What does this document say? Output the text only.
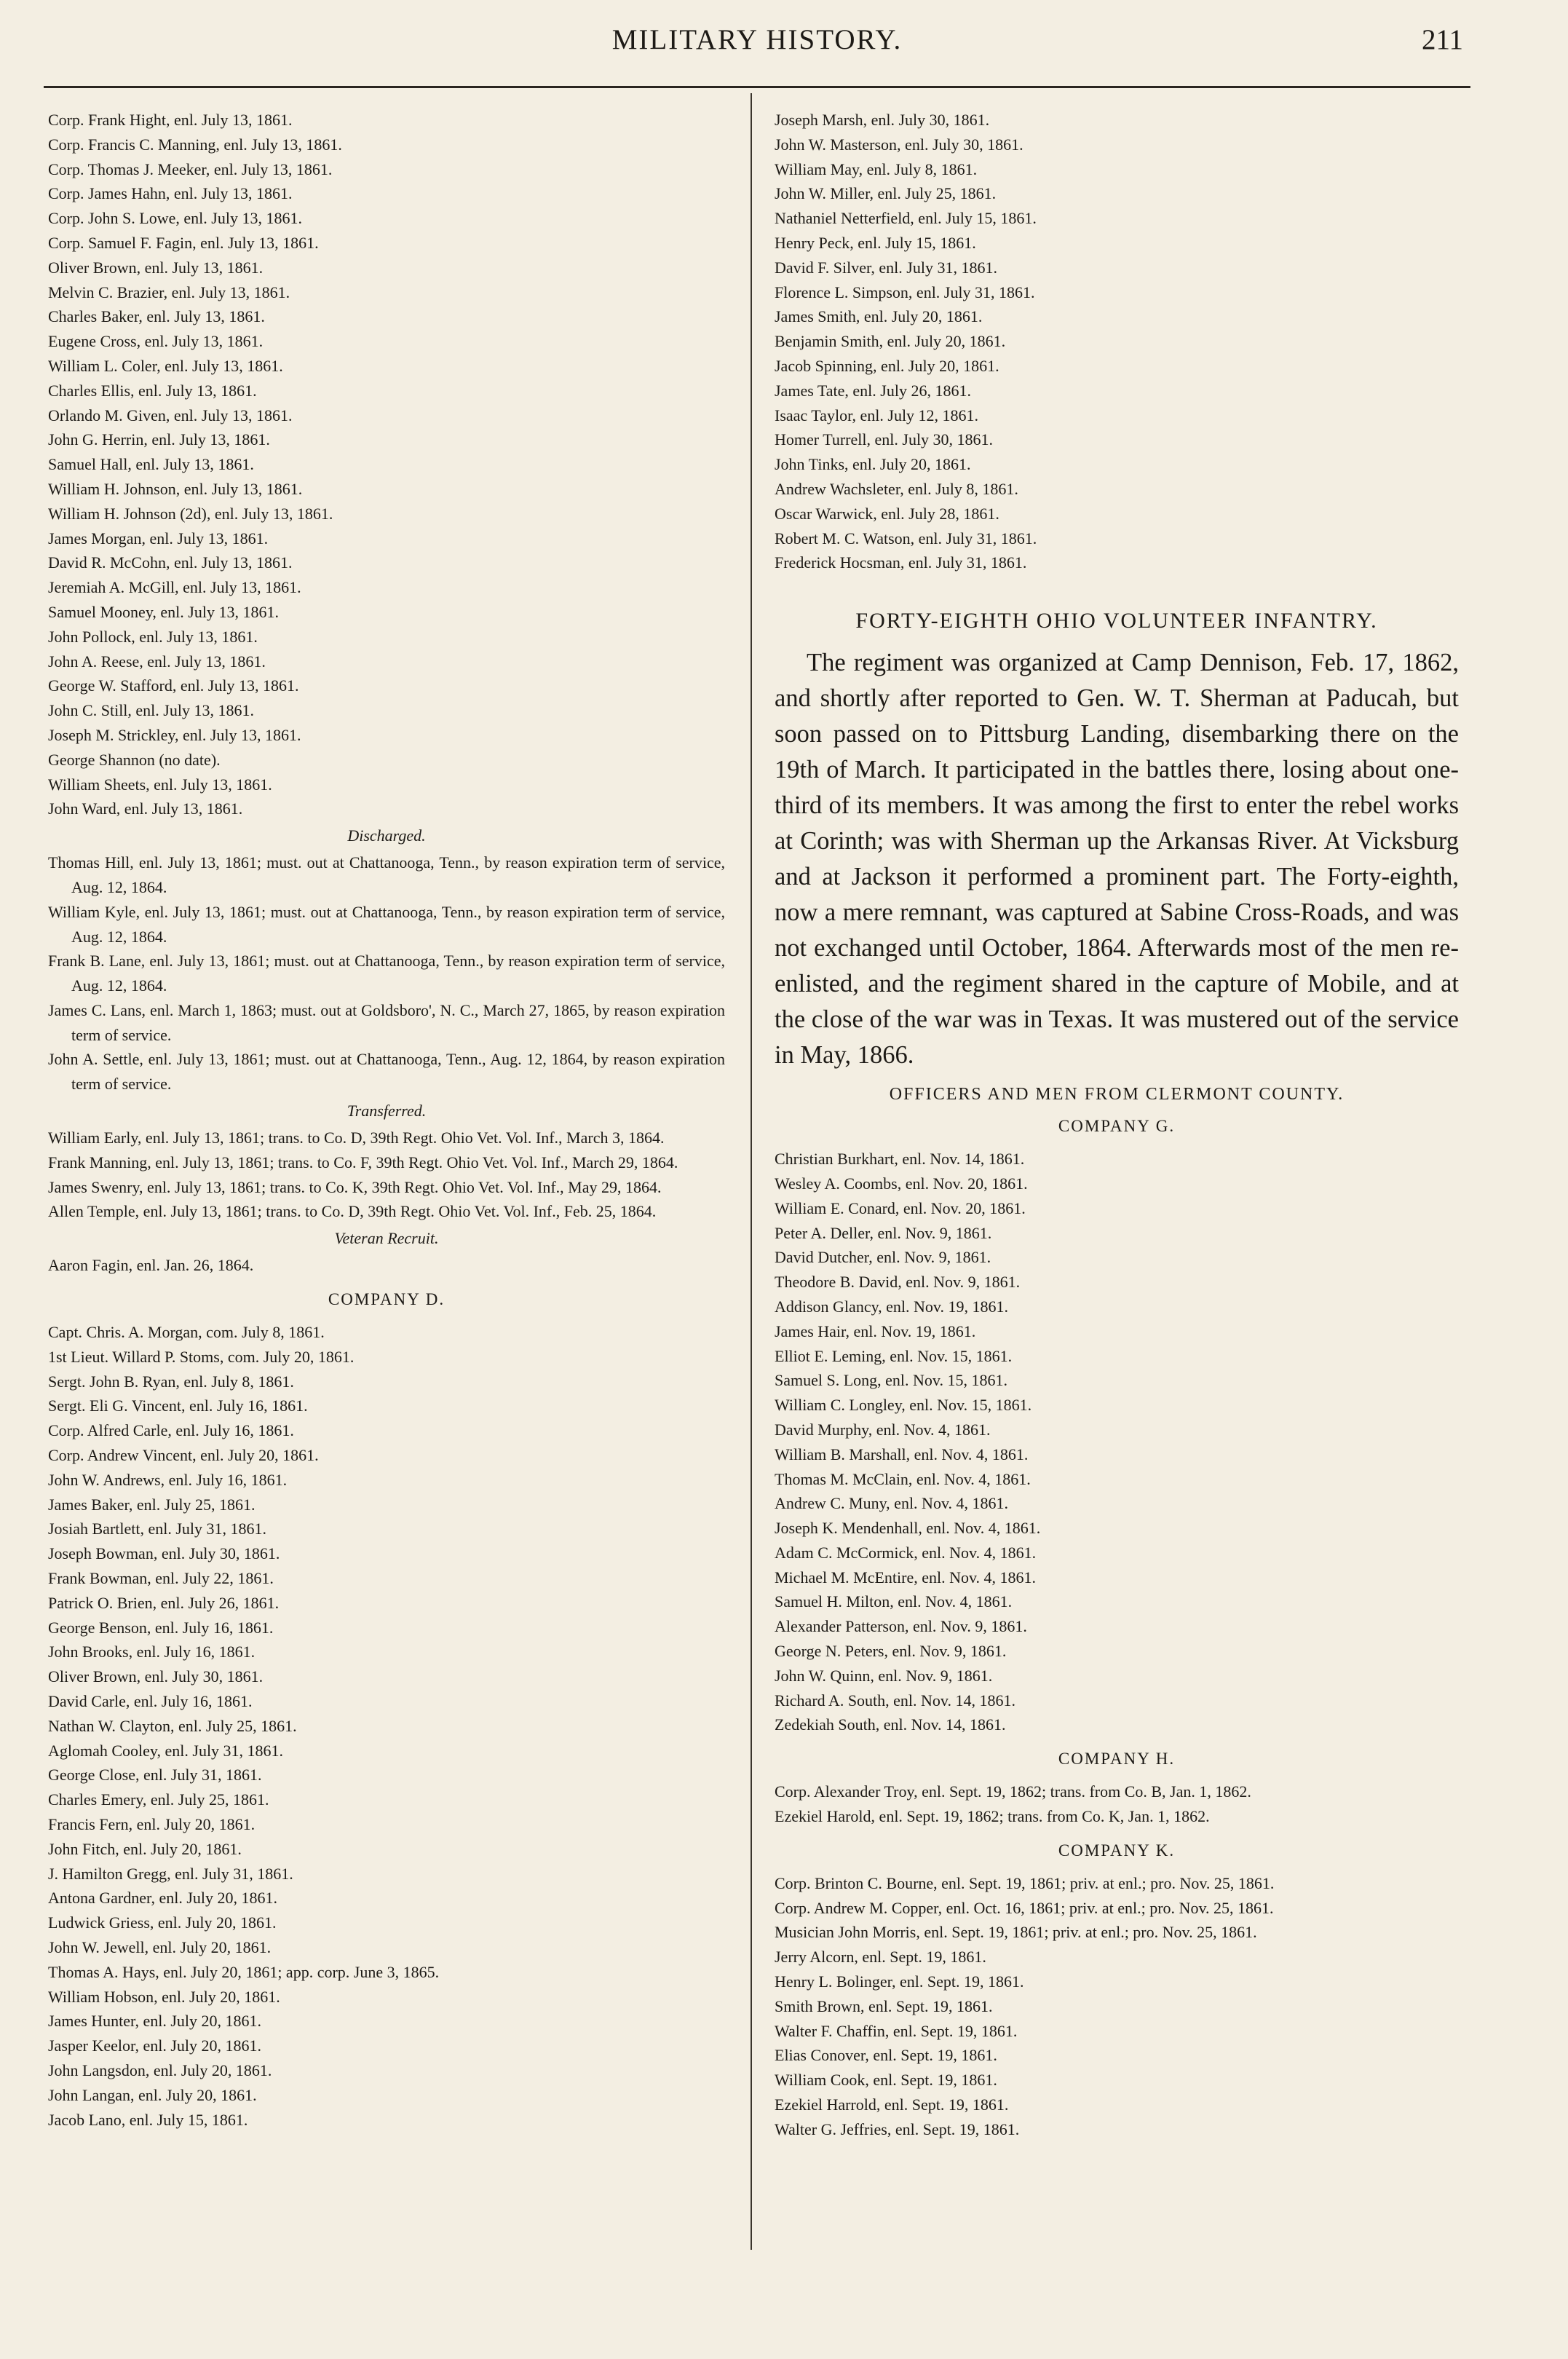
MILITARY HISTORY.	211
Corp. Frank Hight, enl. July 13, 1861.
Corp. Francis C. Manning, enl. July 13, 1861.
Corp. Thomas J. Meeker, enl. July 13, 1861.
Corp. James Hahn, enl. July 13, 1861.
Corp. John S. Lowe, enl. July 13, 1861.
Corp. Samuel F. Fagin, enl. July 13, 1861.
Oliver Brown, enl. July 13, 1861.
Melvin C. Brazier, enl. July 13, 1861.
Charles Baker, enl. July 13, 1861.
Eugene Cross, enl. July 13, 1861.
William L. Coler, enl. July 13, 1861.
Charles Ellis, enl. July 13, 1861.
Orlando M. Given, enl. July 13, 1861.
John G. Herrin, enl. July 13, 1861.
Samuel Hall, enl. July 13, 1861.
William H. Johnson, enl. July 13, 1861.
William H. Johnson (2d), enl. July 13, 1861.
James Morgan, enl. July 13, 1861.
David R. McCohn, enl. July 13, 1861.
Jeremiah A. McGill, enl. July 13, 1861.
Samuel Mooney, enl. July 13, 1861.
John Pollock, enl. July 13, 1861.
John A. Reese, enl. July 13, 1861.
George W. Stafford, enl. July 13, 1861.
John C. Still, enl. July 13, 1861.
Joseph M. Strickley, enl. July 13, 1861.
George Shannon (no date).
William Sheets, enl. July 13, 1861.
John Ward, enl. July 13, 1861.
Discharged.
Thomas Hill, enl. July 13, 1861; must. out at Chattanooga, Tenn., by reason expiration term of service, Aug. 12, 1864.
William Kyle, enl. July 13, 1861; must. out at Chattanooga, Tenn., by reason expiration term of service, Aug. 12, 1864.
Frank B. Lane, enl. July 13, 1861; must. out at Chattanooga, Tenn., by reason expiration term of service, Aug. 12, 1864.
James C. Lans, enl. March 1, 1863; must. out at Goldsboro', N. C., March 27, 1865, by reason expiration term of service.
John A. Settle, enl. July 13, 1861; must. out at Chattanooga, Tenn., Aug. 12, 1864, by reason expiration term of service.
Transferred.
William Early, enl. July 13, 1861; trans. to Co. D, 39th Regt. Ohio Vet. Vol. Inf., March 3, 1864.
Frank Manning, enl. July 13, 1861; trans. to Co. F, 39th Regt. Ohio Vet. Vol. Inf., March 29, 1864.
James Swenry, enl. July 13, 1861; trans. to Co. K, 39th Regt. Ohio Vet. Vol. Inf., May 29, 1864.
Allen Temple, enl. July 13, 1861; trans. to Co. D, 39th Regt. Ohio Vet. Vol. Inf., Feb. 25, 1864.
Veteran Recruit.
Aaron Fagin, enl. Jan. 26, 1864.
COMPANY D.
Capt. Chris. A. Morgan, com. July 8, 1861.
1st Lieut. Willard P. Stoms, com. July 20, 1861.
Sergt. John B. Ryan, enl. July 8, 1861.
Sergt. Eli G. Vincent, enl. July 16, 1861.
Corp. Alfred Carle, enl. July 16, 1861.
Corp. Andrew Vincent, enl. July 20, 1861.
John W. Andrews, enl. July 16, 1861.
James Baker, enl. July 25, 1861.
Josiah Bartlett, enl. July 31, 1861.
Joseph Bowman, enl. July 30, 1861.
Frank Bowman, enl. July 22, 1861.
Patrick O. Brien, enl. July 26, 1861.
George Benson, enl. July 16, 1861.
John Brooks, enl. July 16, 1861.
Oliver Brown, enl. July 30, 1861.
David Carle, enl. July 16, 1861.
Nathan W. Clayton, enl. July 25, 1861.
Aglomah Cooley, enl. July 31, 1861.
George Close, enl. July 31, 1861.
Charles Emery, enl. July 25, 1861.
Francis Fern, enl. July 20, 1861.
John Fitch, enl. July 20, 1861.
J. Hamilton Gregg, enl. July 31, 1861.
Antona Gardner, enl. July 20, 1861.
Ludwick Griess, enl. July 20, 1861.
John W. Jewell, enl. July 20, 1861.
Thomas A. Hays, enl. July 20, 1861; app. corp. June 3, 1865.
William Hobson, enl. July 20, 1861.
James Hunter, enl. July 20, 1861.
Jasper Keelor, enl. July 20, 1861.
John Langsdon, enl. July 20, 1861.
John Langan, enl. July 20, 1861.
Jacob Lano, enl. July 15, 1861.
Joseph Marsh, enl. July 30, 1861.
John W. Masterson, enl. July 30, 1861.
William May, enl. July 8, 1861.
John W. Miller, enl. July 25, 1861.
Nathaniel Netterfield, enl. July 15, 1861.
Henry Peck, enl. July 15, 1861.
David F. Silver, enl. July 31, 1861.
Florence L. Simpson, enl. July 31, 1861.
James Smith, enl. July 20, 1861.
Benjamin Smith, enl. July 20, 1861.
Jacob Spinning, enl. July 20, 1861.
James Tate, enl. July 26, 1861.
Isaac Taylor, enl. July 12, 1861.
Homer Turrell, enl. July 30, 1861.
John Tinks, enl. July 20, 1861.
Andrew Wachsleter, enl. July 8, 1861.
Oscar Warwick, enl. July 28, 1861.
Robert M. C. Watson, enl. July 31, 1861.
Frederick Hocsman, enl. July 31, 1861.
FORTY-EIGHTH OHIO VOLUNTEER INFANTRY.
The regiment was organized at Camp Dennison, Feb. 17, 1862, and shortly after reported to Gen. W. T. Sherman at Paducah, but soon passed on to Pittsburg Landing, disembarking there on the 19th of March. It participated in the battles there, losing about one-third of its members. It was among the first to enter the rebel works at Corinth; was with Sherman up the Arkansas River. At Vicksburg and at Jackson it performed a prominent part. The Forty-eighth, now a mere remnant, was captured at Sabine Cross-Roads, and was not exchanged until October, 1864. Afterwards most of the men re-enlisted, and the regiment shared in the capture of Mobile, and at the close of the war was in Texas. It was mustered out of the service in May, 1866.
OFFICERS AND MEN FROM CLERMONT COUNTY.
COMPANY G.
Christian Burkhart, enl. Nov. 14, 1861.
Wesley A. Coombs, enl. Nov. 20, 1861.
William E. Conard, enl. Nov. 20, 1861.
Peter A. Deller, enl. Nov. 9, 1861.
David Dutcher, enl. Nov. 9, 1861.
Theodore B. David, enl. Nov. 9, 1861.
Addison Glancy, enl. Nov. 19, 1861.
James Hair, enl. Nov. 19, 1861.
Elliot E. Leming, enl. Nov. 15, 1861.
Samuel S. Long, enl. Nov. 15, 1861.
William C. Longley, enl. Nov. 15, 1861.
David Murphy, enl. Nov. 4, 1861.
William B. Marshall, enl. Nov. 4, 1861.
Thomas M. McClain, enl. Nov. 4, 1861.
Andrew C. Muny, enl. Nov. 4, 1861.
Joseph K. Mendenhall, enl. Nov. 4, 1861.
Adam C. McCormick, enl. Nov. 4, 1861.
Michael M. McEntire, enl. Nov. 4, 1861.
Samuel H. Milton, enl. Nov. 4, 1861.
Alexander Patterson, enl. Nov. 9, 1861.
George N. Peters, enl. Nov. 9, 1861.
John W. Quinn, enl. Nov. 9, 1861.
Richard A. South, enl. Nov. 14, 1861.
Zedekiah South, enl. Nov. 14, 1861.
COMPANY H.
Corp. Alexander Troy, enl. Sept. 19, 1862; trans. from Co. B, Jan. 1, 1862.
Ezekiel Harold, enl. Sept. 19, 1862; trans. from Co. K, Jan. 1, 1862.
COMPANY K.
Corp. Brinton C. Bourne, enl. Sept. 19, 1861; priv. at enl.; pro. Nov. 25, 1861.
Corp. Andrew M. Copper, enl. Oct. 16, 1861; priv. at enl.; pro. Nov. 25, 1861.
Musician John Morris, enl. Sept. 19, 1861; priv. at enl.; pro. Nov. 25, 1861.
Jerry Alcorn, enl. Sept. 19, 1861.
Henry L. Bolinger, enl. Sept. 19, 1861.
Smith Brown, enl. Sept. 19, 1861.
Walter F. Chaffin, enl. Sept. 19, 1861.
Elias Conover, enl. Sept. 19, 1861.
William Cook, enl. Sept. 19, 1861.
Ezekiel Harrold, enl. Sept. 19, 1861.
Walter G. Jeffries, enl. Sept. 19, 1861.
